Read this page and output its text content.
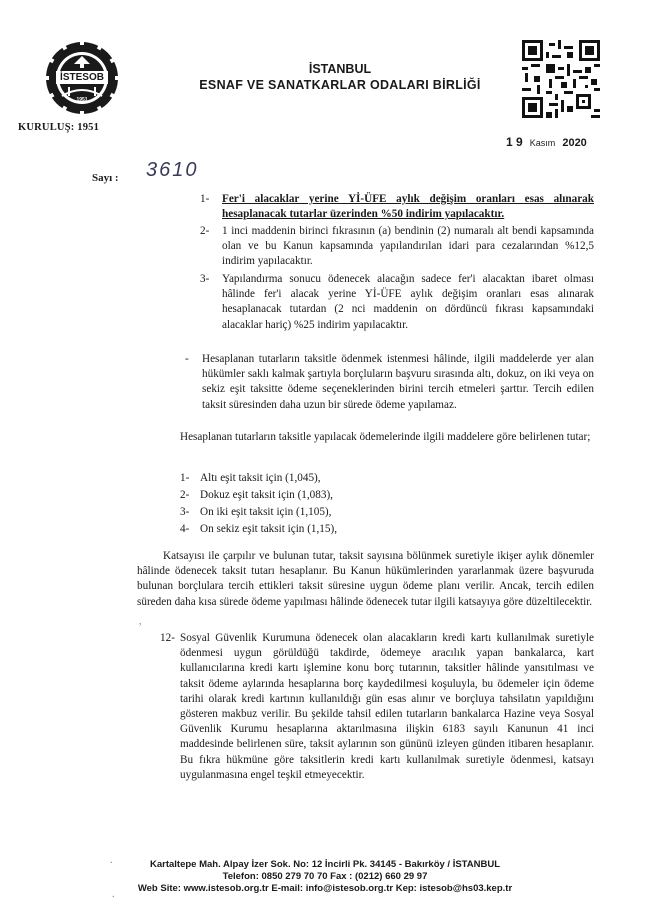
İSTESOB
1951
KURULUŞ: 1951
İSTANBUL
ESNAF VE SANATKARLAR ODALARI BİRLİĞİ
1 9 Kasım 2020
Sayı : 3610
1- Fer'i alacaklar yerine Yİ-ÜFE aylık değişim oranları esas alınarak hesaplanacak tutarlar üzerinden %50 indirim yapılacaktır.
2- 1 inci maddenin birinci fıkrasının (a) bendinin (2) numaralı alt bendi kapsamında olan ve bu Kanun kapsamında yapılandırılan idari para cezalarından %12,5 indirim yapılacaktır.
3- Yapılandırma sonucu ödenecek alacağın sadece fer'i alacaktan ibaret olması hâlinde fer'i alacak yerine Yİ-ÜFE aylık değişim oranları esas alınarak hesaplanacak tutardan (2 nci maddenin on dördüncü fıkrası kapsamındaki alacaklar hariç) %25 indirim yapılacaktır.
- Hesaplanan tutarların taksitle ödenmek istenmesi hâlinde, ilgili maddelerde yer alan hükümler saklı kalmak şartıyla borçluların başvuru sırasında altı, dokuz, on iki veya on sekiz eşit taksitte ödeme seçeneklerinden birini tercih etmeleri şarttır. Tercih edilen taksit süresinden daha uzun bir sürede ödeme yapılamaz.
Hesaplanan tutarların taksitle yapılacak ödemelerinde ilgili maddelere göre belirlenen tutar;
1- Altı eşit taksit için (1,045),
2- Dokuz eşit taksit için (1,083),
3- On iki eşit taksit için (1,105),
4- On sekiz eşit taksit için (1,15),
Katsayısı ile çarpılır ve bulunan tutar, taksit sayısına bölünmek suretiyle ikişer aylık dönemler hâlinde ödenecek taksit tutarı hesaplanır. Bu Kanun hükümlerinden yararlanmak üzere başvuruda bulunan borçlulara tercih ettikleri taksit süresine uygun ödeme planı verilir. Ancak, tercih edilen süreden daha kısa sürede ödeme yapılması hâlinde ödenecek tutar ilgili katsayıya göre düzeltilecektir.
,
12- Sosyal Güvenlik Kurumuna ödenecek olan alacakların kredi kartı kullanılmak suretiyle ödenmesi uygun görüldüğü takdirde, ödemeye aracılık yapan bankalarca, kart kullanıcılarına kredi kartı işlemine konu borç tutarının, taksitler hâlinde yansıtılması ve taksit ödeme aylarında hesaplarına borç kaydedilmesi koşuluyla, bu ödemeler için ödeme tarihi olarak kredi kartının kullanıldığı gün esas alınır ve borçluya tahsilatın yapıldığını gösteren makbuz verilir. Bu şekilde tahsil edilen tutarların bankalarca Hazine veya Sosyal Güvenlik Kurumu hesaplarına aktarılmasına ilişkin 6183 sayılı Kanunun 41 inci maddesinde belirlenen süre, taksit aylarının son gününü izleyen günden itibaren hesaplanır. Bu fıkra hükmüne göre taksitlerin kredi kartı kullanılmak suretiyle ödenmesi, katsayı uygulanmasına engel teşkil etmeyecektir.
.
.
Kartaltepe Mah. Alpay İzer Sok. No: 12 İncirli Pk. 34145 - Bakırköy / İSTANBUL
Telefon: 0850 279 70 70 Fax : (0212) 660 29 97
Web Site: www.istesob.org.tr E-mail: info@istesob.org.tr Kep: istesob@hs03.kep.tr
